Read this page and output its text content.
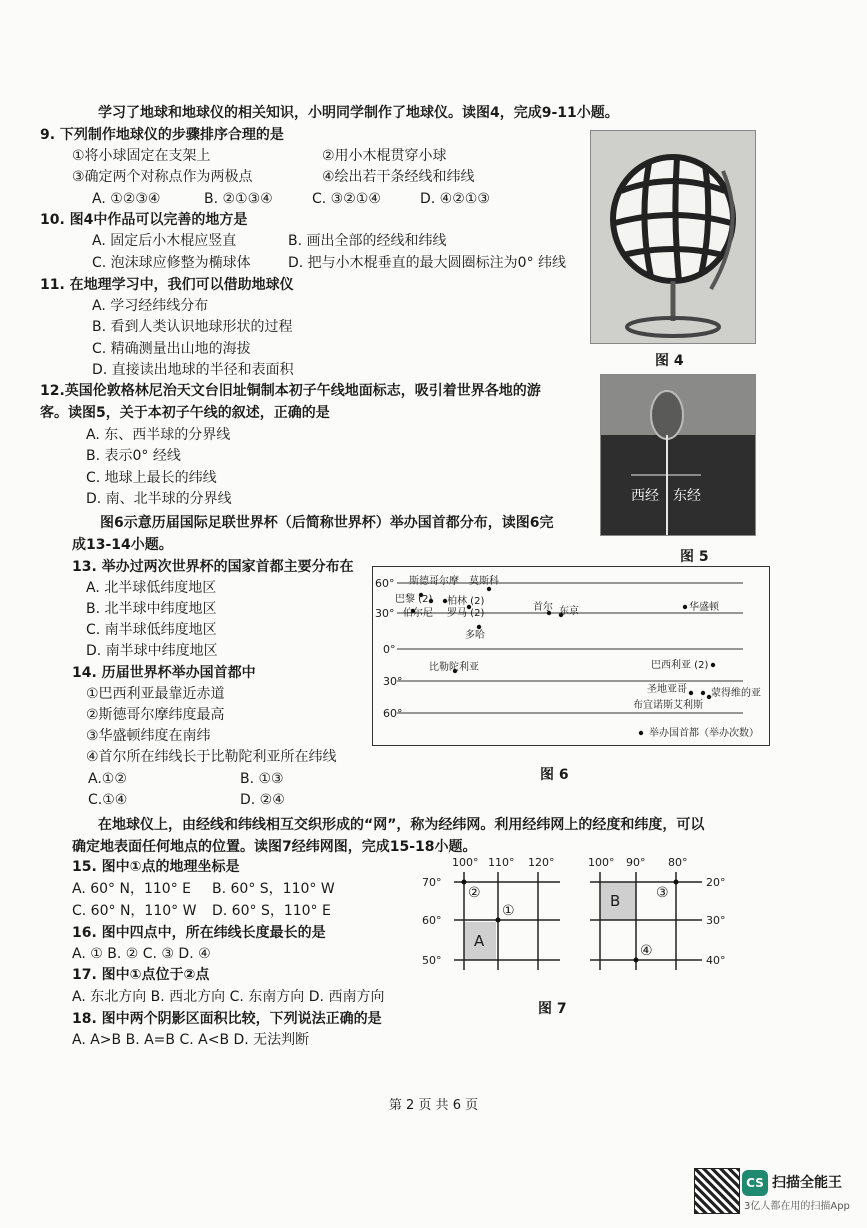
学习了地球和地球仪的相关知识，小明同学制作了地球仪。读图4，完成9-11小题。
9. 下列制作地球仪的步骤排序合理的是
①将小球固定在支架上	②用小木棍贯穿小球
③确定两个对称点作为两极点	④绘出若干条经线和纬线
A. ①②③④	B. ②①③④	C. ③②①④	D. ④②①③
10. 图4中作品可以完善的地方是
A. 固定后小木棍应竖直	B. 画出全部的经线和纬线
C. 泡沫球应修整为椭球体	D. 把与小木棍垂直的最大圆圈标注为0° 纬线
11. 在地理学习中，我们可以借助地球仪
A. 学习经纬线分布
B. 看到人类认识地球形状的过程
C. 精确测量出山地的海拔
D. 直接读出地球的半径和表面积
图 4
12.英国伦敦格林尼治天文台旧址铜制本初子午线地面标志，吸引着世界各地的游
客。读图5，关于本初子午线的叙述，正确的是
A. 东、西半球的分界线
B. 表示0° 经线
C. 地球上最长的纬线
D. 南、北半球的分界线	西经 东经
图 5
图6示意历届国际足联世界杯（后简称世界杯）举办国首都分布，读图6完
成13-14小题。
13. 举办过两次世界杯的国家首都主要分布在
A. 北半球低纬度地区
B. 北半球中纬度地区
C. 南半球低纬度地区
D. 南半球中纬度地区
14. 历届世界杯举办国首都中
①巴西利亚最靠近赤道
②斯德哥尔摩纬度最高
③华盛顿纬度在南纬
④首尔所在纬线长于比勒陀利亚所在纬线
A.①②	B. ①③
C.①④	D. ②④
60°
30°
0°
30°
60°
斯德哥尔摩 莫斯科
巴黎 (2) 柏林 (2)
伯尔尼 罗马 (2)
首尔 东京	华盛顿
多哈
比勒陀利亚	巴西利亚 (2)
圣地亚哥 蒙得维的亚
布宜诺斯艾利斯
举办国首都（举办次数）
图 6
在地球仪上，由经线和纬线相互交织形成的“网”，称为经纬网。利用经纬网上的经度和纬度，可以
确定地表面任何地点的位置。读图7经纬网图，完成15-18小题。
15. 图中①点的地理坐标是
A. 60° N，110° E B. 60° S，110° W
C. 60° N，110° W D. 60° S，110° E
16. 图中四点中，所在纬线长度最长的是
A. ① B. ② C. ③ D. ④
17. 图中①点位于②点
A. 东北方向 B. 西北方向 C. 东南方向 D. 西南方向
18. 图中两个阴影区面积比较，下列说法正确的是
A. A>B B. A=B C. A<B D. 无法判断
100° 110° 120°
70°
60°
50°
②
①
A
100° 90° 80°
20°
30°
40°
B	③
④
图 7
第 2 页 共 6 页
CS 扫描全能王
3亿人都在用的扫描App
